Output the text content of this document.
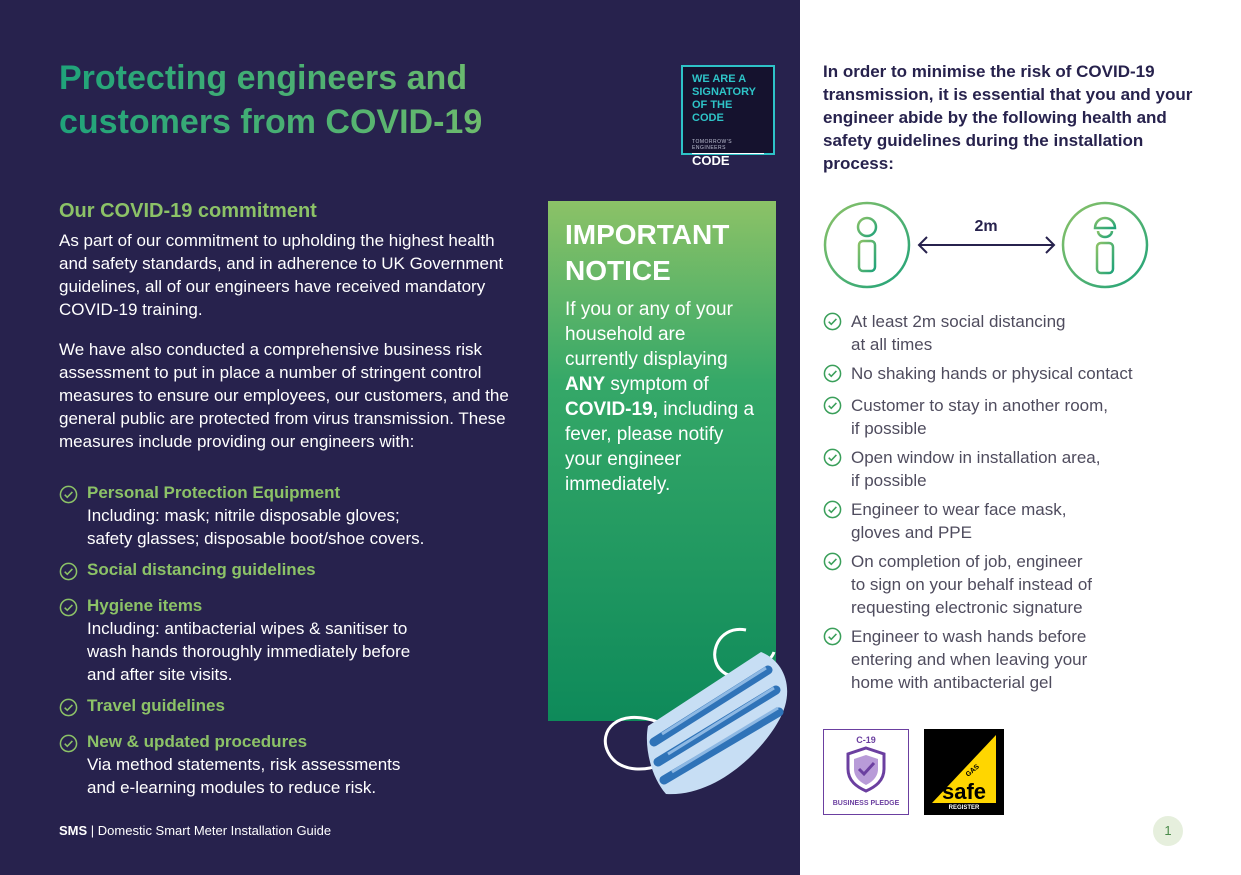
Protecting engineers and
customers from COVID-19
WE ARE A SIGNATORY OF THE CODE
TOMORROW'S ENGINEERS
CODE
Our COVID-19 commitment

As part of our commitment to upholding the highest health and safety standards, and in adherence to UK Government guidelines, all of our engineers have received mandatory COVID-19 training.

We have also conducted a comprehensive business risk assessment to put in place a number of stringent control measures to ensure our employees, our customers, and the general public are protected from virus transmission. These measures include providing our engineers with:

Personal Protection Equipment
Including: mask; nitrile disposable gloves;
safety glasses; disposable boot/shoe covers.
Social distancing guidelines
Hygiene items
Including: antibacterial wipes & sanitiser to
wash hands thoroughly immediately before
and after site visits.
Travel guidelines
New & updated procedures
Via method statements, risk assessments
and e-learning modules to reduce risk.
SMS | Domestic Smart Meter Installation Guide
IMPORTANT
NOTICE

If you or any of your household are currently displaying ANY symptom of COVID-19, including a fever, please notify your engineer immediately.

In order to minimise the risk of COVID-19 transmission, it is essential that you and your engineer abide by the following health and safety guidelines during the installation process:

2m
At least 2m social distancing
at all times
No shaking hands or physical contact
Customer to stay in another room,
if possible
Open window in installation area,
if possible
Engineer to wear face mask,
gloves and PPE
On completion of job, engineer
to sign on your behalf instead of
requesting electronic signature
Engineer to wash hands before
entering and when leaving your
home with antibacterial gel
C-19
BUSINESS PLEDGE
GAS
safe
REGISTER
1
